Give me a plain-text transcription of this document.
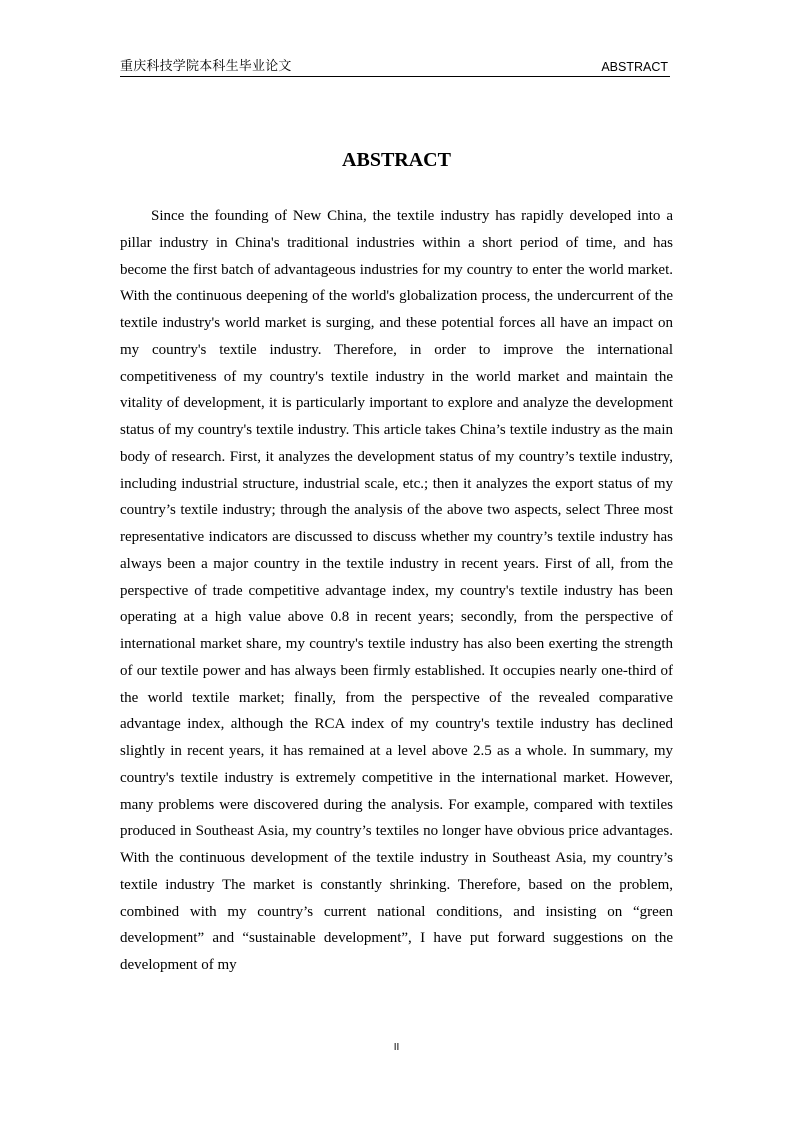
重庆科技学院本科生毕业论文	ABSTRACT
ABSTRACT

Since the founding of New China, the textile industry has rapidly developed into a pillar industry in China's traditional industries within a short period of time, and has become the first batch of advantageous industries for my country to enter the world market. With the continuous deepening of the world's globalization process, the undercurrent of the textile industry's world market is surging, and these potential forces all have an impact on my country's textile industry. Therefore, in order to improve the international competitiveness of my country's textile industry in the world market and maintain the vitality of development, it is particularly important to explore and analyze the development status of my country's textile industry. This article takes China’s textile industry as the main body of research. First, it analyzes the development status of my country’s textile industry, including industrial structure, industrial scale, etc.; then it analyzes the export status of my country’s textile industry; through the analysis of the above two aspects, select Three most representative indicators are discussed to discuss whether my country’s textile industry has always been a major country in the textile industry in recent years. First of all, from the perspective of trade competitive advantage index, my country's textile industry has been operating at a high value above 0.8 in recent years; secondly, from the perspective of international market share, my country's textile industry has also been exerting the strength of our textile power and has always been firmly established. It occupies nearly one-third of the world textile market; finally, from the perspective of the revealed comparative advantage index, although the RCA index of my country's textile industry has declined slightly in recent years, it has remained at a level above 2.5 as a whole. In summary, my country's textile industry is extremely competitive in the international market. However, many problems were discovered during the analysis. For example, compared with textiles produced in Southeast Asia, my country’s textiles no longer have obvious price advantages. With the continuous development of the textile industry in Southeast Asia, my country’s textile industry The market is constantly shrinking. Therefore, based on the problem, combined with my country’s current national conditions, and insisting on “green development” and “sustainable development”, I have put forward suggestions on the development of my

II
